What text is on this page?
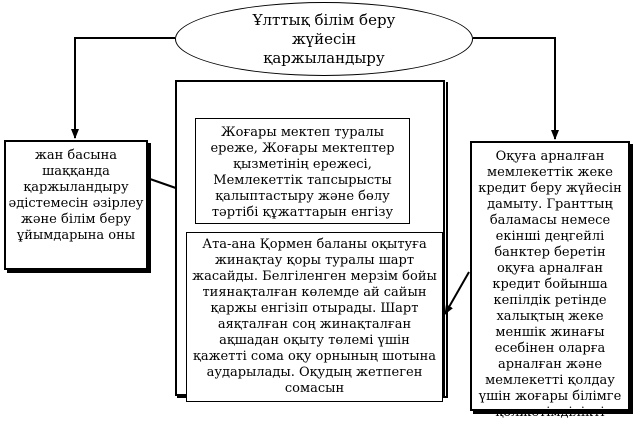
Ұлттық білім беру жүйесін қаржыландыру
жан басына шаққанда қаржыландыру әдістемесін әзірлеу және білім беру ұйымдарына оны
Жоғары мектеп туралы ереже, Жоғары мектептер қызметінің ережесі, Мемлекеттік тапсырысты қалыптастыру және бөлу тәртібі құжаттарын енгізу
Ата-ана Қормен баланы оқытуға жинақтау қоры туралы шарт жасайды. Белгіленген мерзім бойы тиянақталған көлемде ай сайын қаржы енгізіп отырады. Шарт аяқталған соң жинақталған ақшадан оқыту төлемі үшін қажетті сома оқу орнының шотына аударылады. Оқудың жетпеген сомасын
Оқуға арналған мемлекеттік жеке кредит беру жүйесін дамыту. Гранттың баламасы немесе екінші деңгейлі банктер беретін оқуға арналған кредит бойынша кепілдік ретінде халықтың жеке меншік жинағы есебінен оларға арналған және мемлекетті қолдау үшін жоғары білімге қолжетімділікті
